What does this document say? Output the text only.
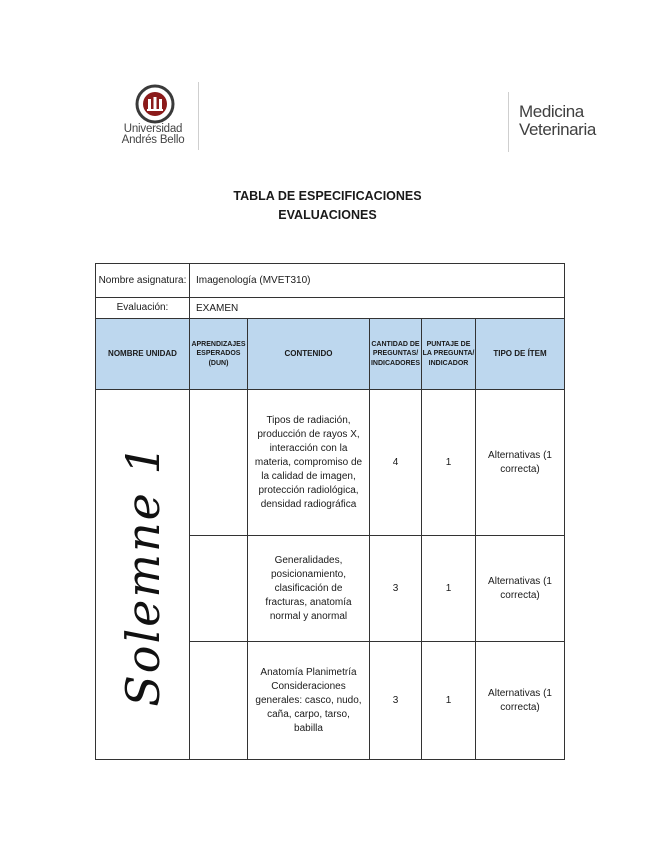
Universidad
Andrés Bello
Medicina
Veterinaria
TABLA DE ESPECIFICACIONES
EVALUACIONES
Nombre asignatura:	Imagenología (MVET310)				
Evaluación:	EXAMEN				
NOMBRE UNIDAD	APRENDIZAJES ESPERADOS (DUN)	CONTENIDO	CANTIDAD DE PREGUNTAS/ INDICADORES	PUNTAJE DE LA PREGUNTA/ INDICADOR	TIPO DE ÍTEM

Solemne 1		Tipos de radiación, producción de rayos X, interacción con la materia, compromiso de la calidad de imagen, protección radiológica, densidad radiográfica	4	1	Alternativas (1 correcta)
		Generalidades, posicionamiento, clasificación de fracturas, anatomía normal y anormal	3	1	Alternativas (1 correcta)
		Anatomía Planimetría Consideraciones generales: casco, nudo, caña, carpo, tarso, babilla	3	1	Alternativas (1 correcta)
